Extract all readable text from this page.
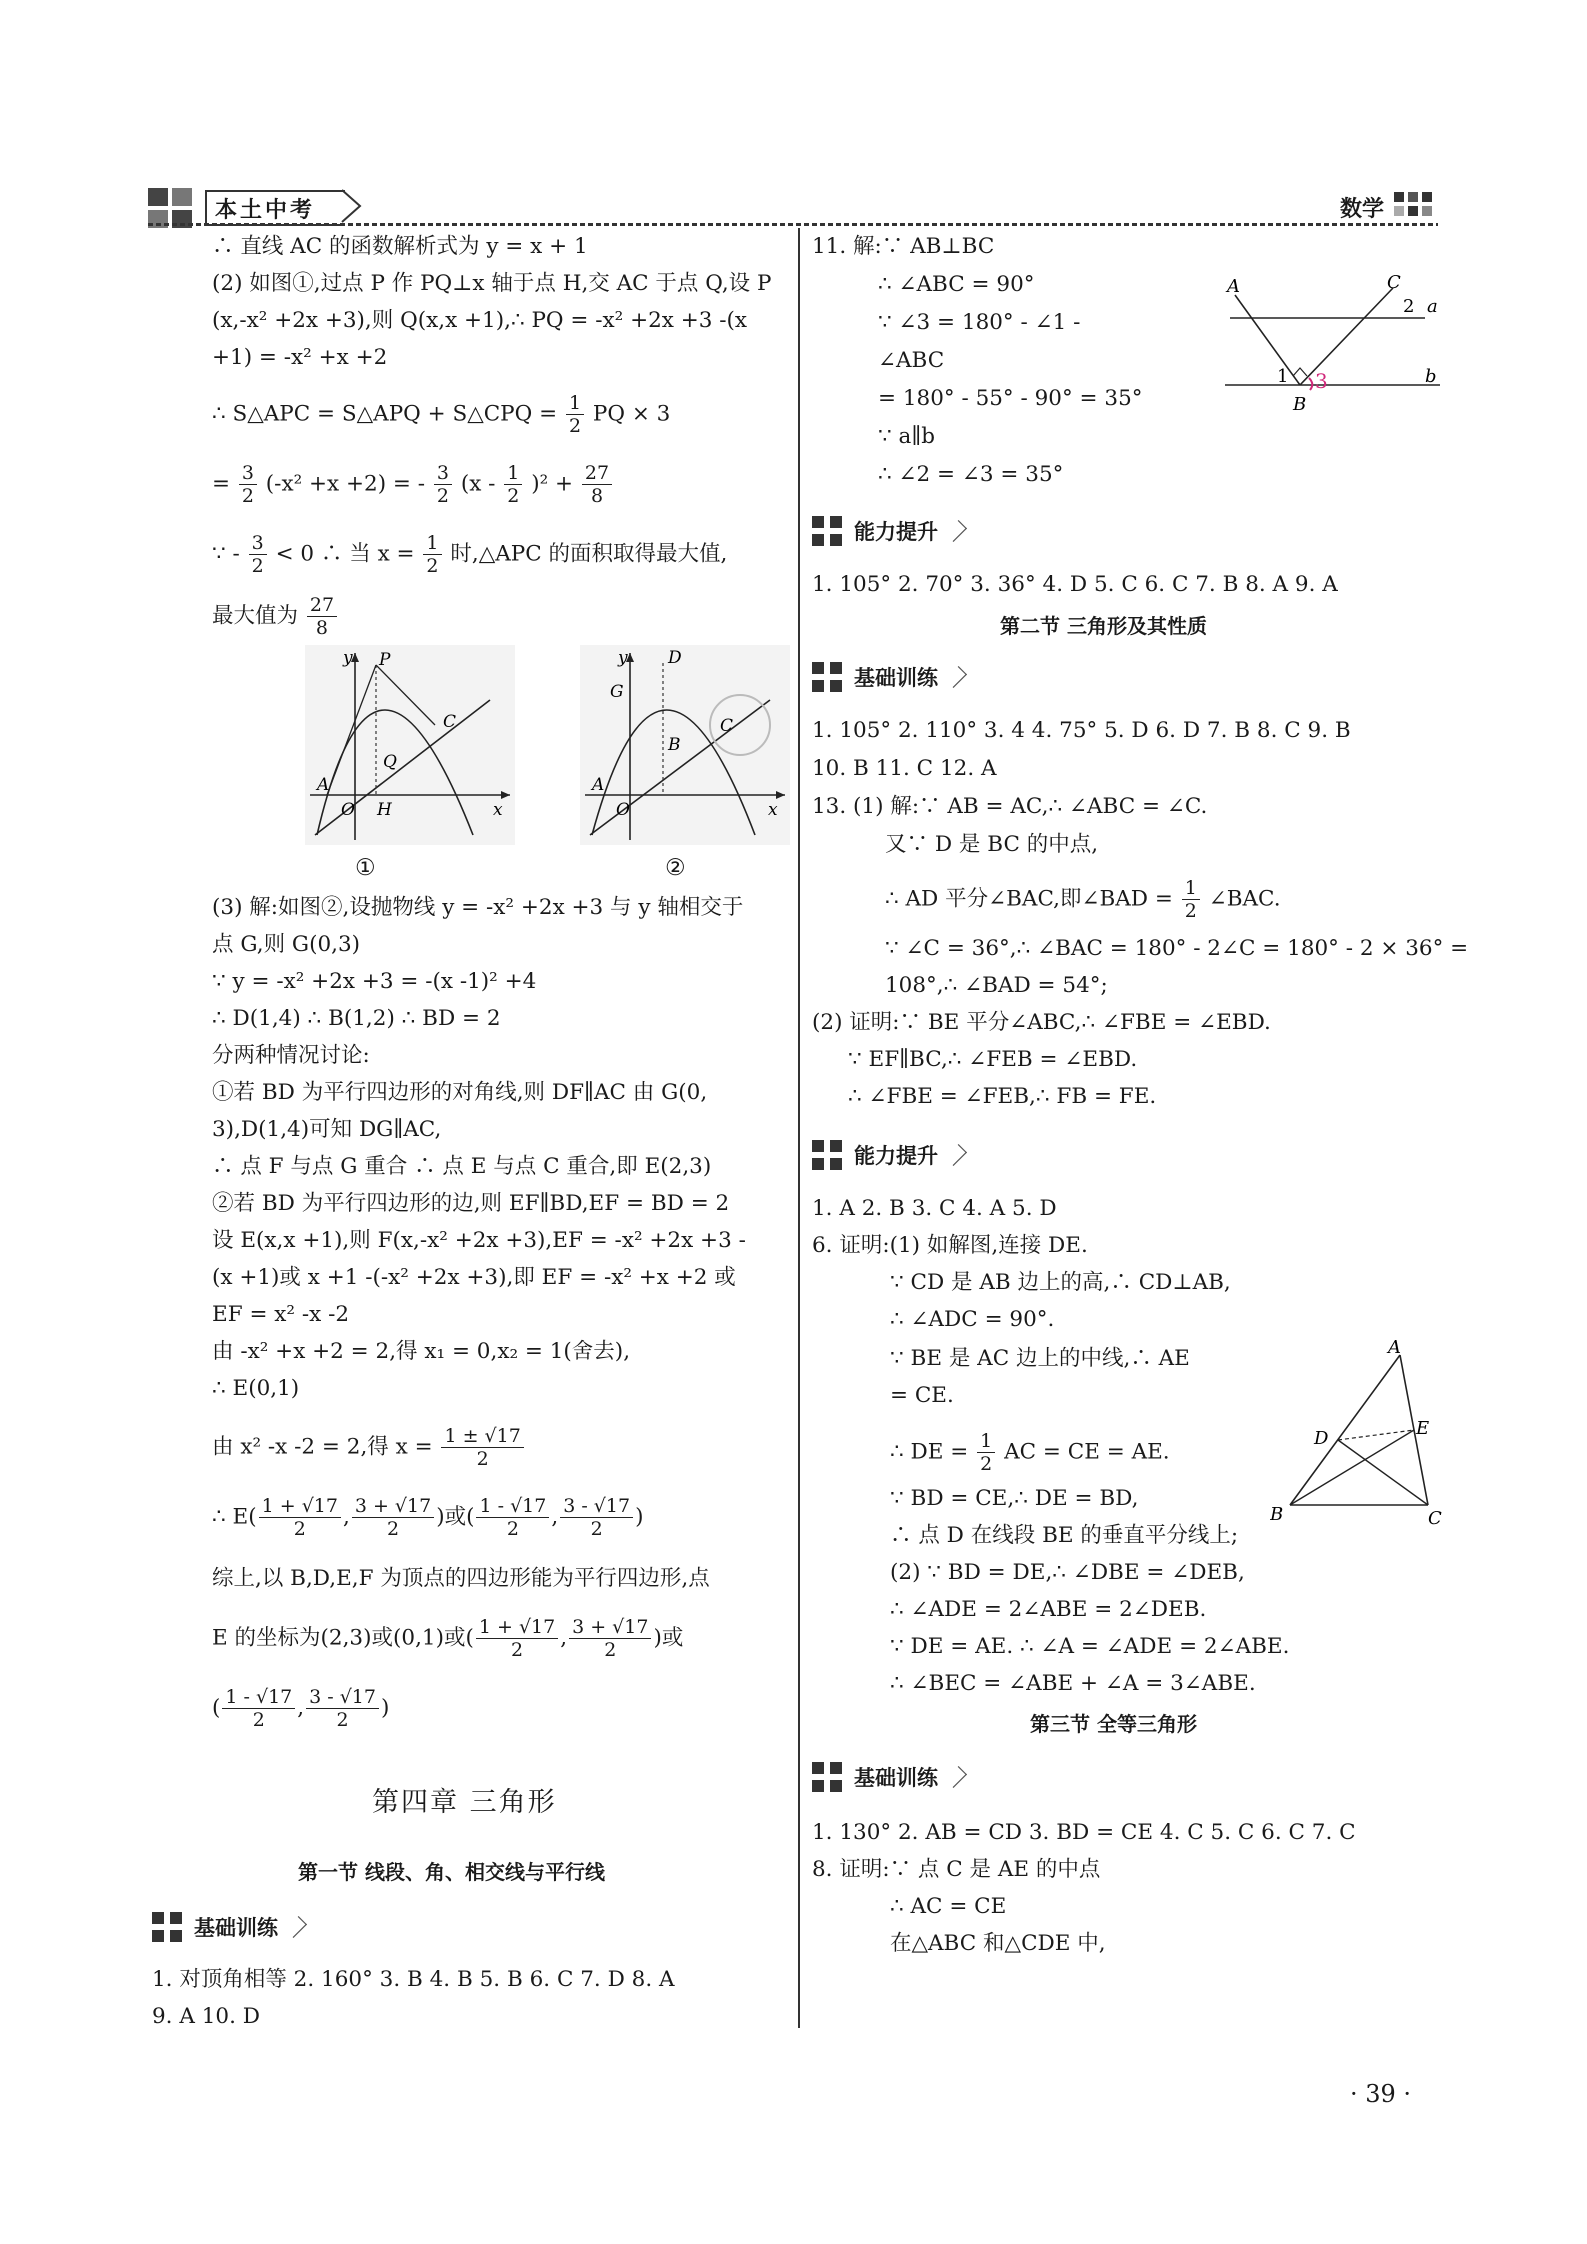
本土中考	数学
∴ 直线 AC 的函数解析式为 y = x + 1
(2) 如图①,过点 P 作 PQ⊥x 轴于点 H,交 AC 于点 Q,设 P
(x,-x² +2x +3),则 Q(x,x +1),∴ PQ = -x² +2x +3 -(x
+1) = -x² +x +2
∴ S△APC = S△APQ + S△CPQ = $\frac{1}{2}$ PQ × 3
= $\frac{3}{2} (-x^2 +x +2)$ = - $\frac{3}{2} (x - \frac{1}{2} )^2 + \frac{27}{8}$
∵ - $\frac{3}{2} < 0$ ∴ 当 $x = \frac{1}{2}$ 时,△APC 的面积取得最大值,
最大值为 $\frac{27}{8}$
y P
C
Q
A
O H	x
①
y D
G
C
B
A
O	x
②
(3) 解:如图②,设抛物线 y = -x² +2x +3 与 y 轴相交于
点 G,则 G(0,3)
∵ y = -x² +2x +3 = -(x -1)² +4
∴ D(1,4) ∴ B(1,2) ∴ BD = 2
分两种情况讨论:
①若 BD 为平行四边形的对角线,则 DF∥AC 由 G(0,
3),D(1,4)可知 DG∥AC,
∴ 点 F 与点 G 重合 ∴ 点 E 与点 C 重合,即 E(2,3)
②若 BD 为平行四边形的边,则 EF∥BD,EF = BD = 2
设 E(x,x +1),则 F(x,-x² +2x +3),EF = -x² +2x +3 -
(x +1)或 x +1 -(-x² +2x +3),即 EF = -x² +x +2 或
EF = x² -x -2
由 -x² +x +2 = 2,得 x₁ = 0,x₂ = 1(舍去),
∴ E(0,1)
由 x² -x -2 = 2,得 $x = \frac{1 \pm √17}{2}$
∴ $E( \frac{1 + √17}{2}$ , $\frac{3 + √17}{2}$ )或( $\frac{1 - √17}{2}$ , $\frac{3 - √17}{2}$ )
综上,以 B,D,E,F 为顶点的四边形能为平行四边形,点
E 的坐标为(2,3)或(0,1)或( $\frac{1 + √17}{2}$ , $\frac{3 + √17}{2}$ )或
( $\frac{1 - √17}{2}$ , $\frac{3 - √17}{2}$ )
第四章 三角形
第一节 线段、角、相交线与平行线
基础训练
1. 对顶角相等 2. 160° 3. B 4. B 5. B 6. C 7. D 8. A
9. A 10. D
11. 解:∵ AB⊥BC
∴ ∠ABC = 90°
∵ ∠3 = 180° - ∠1 -
∠ABC
= 180° - 55° - 90° = 35°
∵ a∥b
∴ ∠2 = ∠3 = 35°
A	C
2 a
b
1 3
B
能力提升
1. 105° 2. 70° 3. 36° 4. D 5. C 6. C 7. B 8. A 9. A
第二节 三角形及其性质
基础训练
1. 105° 2. 110° 3. 4 4. 75° 5. D 6. D 7. B 8. C 9. B
10. B 11. C 12. A
13. (1) 解:∵ AB = AC,∴ ∠ABC = ∠C.
又∵ D 是 BC 的中点,
∴ AD 平分∠BAC,即∠BAD = $\frac{1}{2}$ ∠BAC.
∵ ∠C = 36°,∴ ∠BAC = 180° - 2∠C = 180° - 2 × 36° =
108°,∴ ∠BAD = 54°;
(2) 证明:∵ BE 平分∠ABC,∴ ∠FBE = ∠EBD.
∵ EF∥BC,∴ ∠FEB = ∠EBD.
∴ ∠FBE = ∠FEB,∴ FB = FE.
能力提升
1. A 2. B 3. C 4. A 5. D
6. 证明:(1) 如解图,连接 DE.
∵ CD 是 AB 边上的高,∴ CD⊥AB,
∴ ∠ADC = 90°.
∵ BE 是 AC 边上的中线,∴ AE
= CE.
∴ DE = $\frac{1}{2}$ AC = CE = AE.
∵ BD = CE,∴ DE = BD,
∴ 点 D 在线段 BE 的垂直平分线上;
(2) ∵ BD = DE,∴ ∠DBE = ∠DEB,
∴ ∠ADE = 2∠ABE = 2∠DEB.
∵ DE = AE. ∴ ∠A = ∠ADE = 2∠ABE.
∴ ∠BEC = ∠ABE + ∠A = 3∠ABE.
A
D	E
B	C
第三节 全等三角形
基础训练
1. 130° 2. AB = CD 3. BD = CE 4. C 5. C 6. C 7. C
8. 证明:∵ 点 C 是 AE 的中点
∴ AC = CE
在△ABC 和△CDE 中,
· 39 ·
